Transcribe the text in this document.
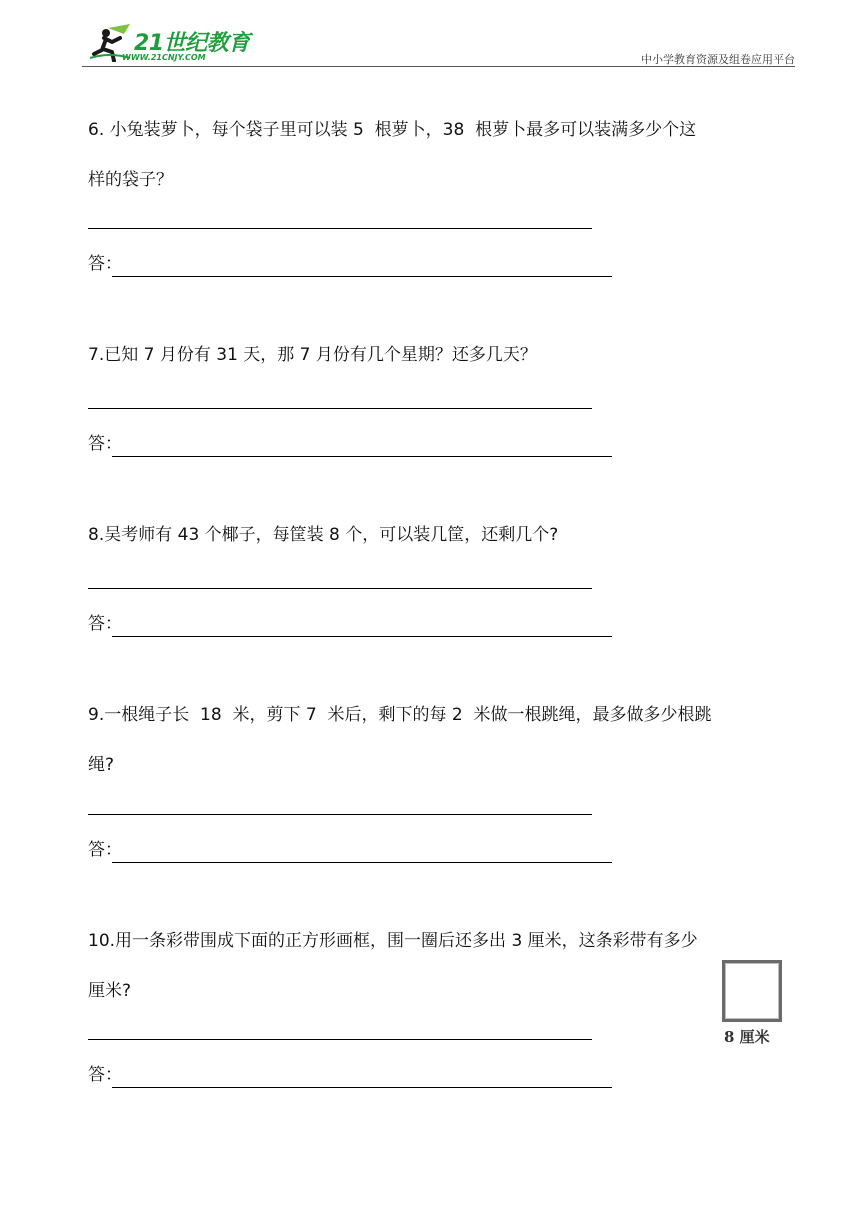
21世纪教育
WWW.21CNJY.COM	中小学教育资源及组卷应用平台

6. 小兔装萝卜，每个袋子里可以装 5  根萝卜，38  根萝卜最多可以装满多少个这
样的袋子？

答：

7.已知 7 月份有 31 天，那 7 月份有几个星期？还多几天？

答：

8.吴考师有 43 个椰子，每筐装 8 个，可以装几筐，还剩几个?

答：

9.一根绳子长  18  米，剪下 7  米后，剩下的每 2  米做一根跳绳，最多做多少根跳
绳?

答：

10.用一条彩带围成下面的正方形画框，围一圈后还多出 3 厘米，这条彩带有多少
厘米?

答：
8 厘米
